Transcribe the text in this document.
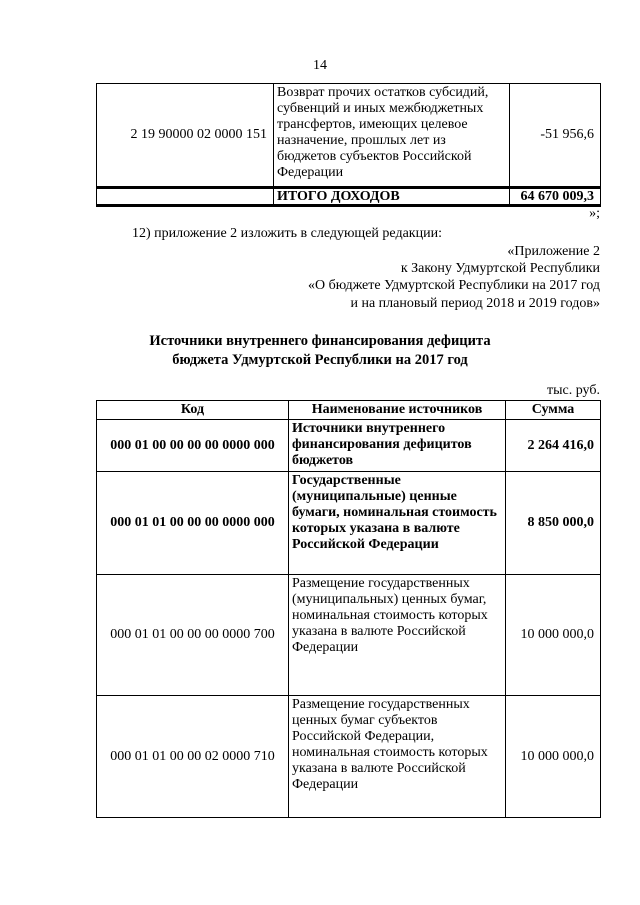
14
2 19 90000 02 0000 151	Возврат прочих остатков субсидий, субвенций и иных межбюджетных трансфертов, имеющих целевое назначение, прошлых лет из бюджетов субъектов Российской Федерации	-51 956,6
	ИТОГО ДОХОДОВ	64 670 009,3
»;
12) приложение 2 изложить в следующей редакции:
«Приложение 2
к Закону Удмуртской Республики
«О бюджете Удмуртской Республики на 2017 год
и на плановый период 2018 и 2019 годов»
Источники внутреннего финансирования дефицита
бюджета Удмуртской Республики на 2017 год
тыс. руб.
Код	Наименование источников	Сумма
000 01 00 00 00 00 0000 000	Источники внутреннего финансирования дефицитов бюджетов	2 264 416,0
000 01 01 00 00 00 0000 000	Государственные (муниципальные) ценные бумаги, номинальная стоимость которых указана в валюте Российской Федерации	8 850 000,0
000 01 01 00 00 00 0000 700	Размещение государственных (муниципальных) ценных бумаг, номинальная стоимость которых указана в валюте Российской Федерации	10 000 000,0
000 01 01 00 00 02 0000 710	Размещение государственных ценных бумаг субъектов Российской Федерации, номинальная стоимость которых указана в валюте Российской Федерации	10 000 000,0
